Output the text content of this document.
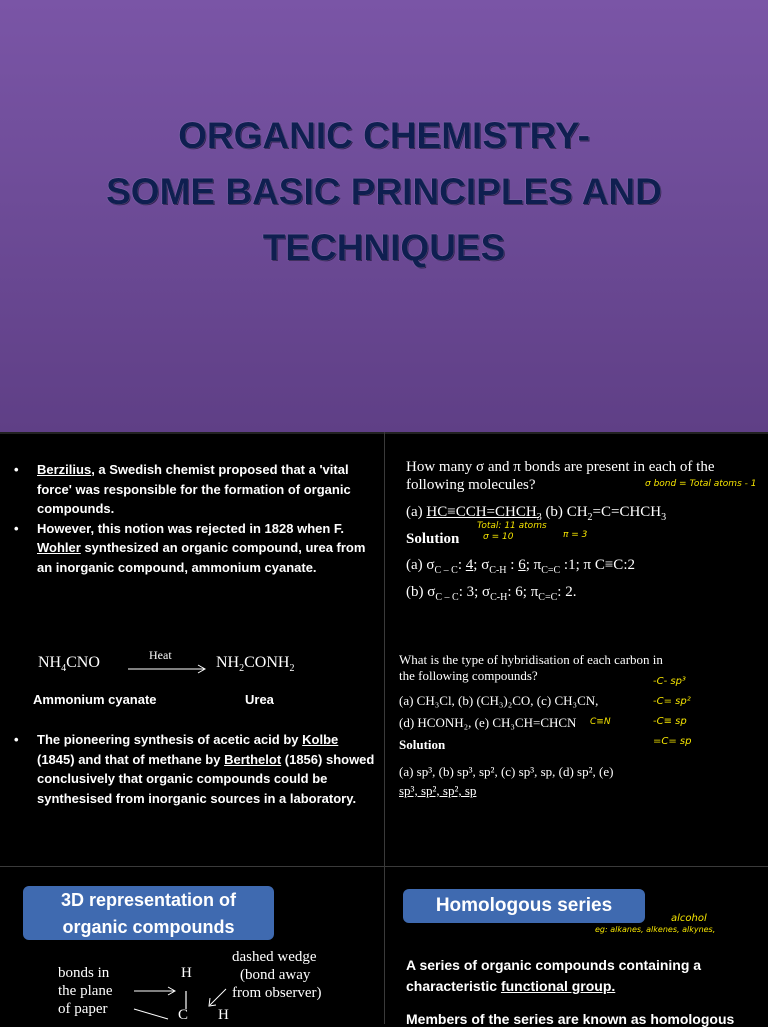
ORGANIC CHEMISTRY-
SOME BASIC PRINCIPLES AND
TECHNIQUES
• Berzilius, a Swedish chemist proposed that a 'vital force' was responsible for the formation of organic compounds.
• However, this notion was rejected in 1828 when F. Wohler synthesized an organic compound, urea from an inorganic compound, ammonium cyanate.
$NH_4CNO$	Heat	$NH_2CONH_2$
Ammonium cyanate	Urea
• The pioneering synthesis of acetic acid by Kolbe (1845) and that of methane by Berthelot (1856) showed conclusively that organic compounds could be synthesised from inorganic sources in a laboratory.
How many σ and π bonds are present in each of the following molecules?	σ bond = Total atoms - 1
(a) $HC\equiv CCH=CHCH_3$ (b) $CH_2=C=CHCH_3$
Solution
Total: 11 atoms
σ = 10	π = 3
(a) $\sigma_{C - C}$: 4; $\sigma_{C-H}$ : 6; $\pi_{C=C}$ :1; π C≡C:2
(b) $\sigma_{C - C}$: 3; $\sigma_{C-H}$: 6; $\pi_{C=C}$: 2.
What is the type of hybridisation of each carbon in the following compounds?
(a) CH₃Cl, (b) (CH₃)₂CO, (c) CH₃CN,
(d) HCONH₂, (e) CH₃CH=CHCN	C≡N
Solution
(a) sp³, (b) sp³, sp², (c) sp³, sp, (d) sp², (e)
sp³, sp², sp², sp
-C- sp³
-C= sp²
-C≡ sp
=C= sp
3D representation of
organic compounds
dashed wedge
(bond away
from observer)
bonds in
the plane
of paper
H
C H
Homologous series
eg: alkanes, alkenes, alkynes,
alcohol
A series of organic compounds containing a characteristic functional group.
Members of the series are known as homologous
